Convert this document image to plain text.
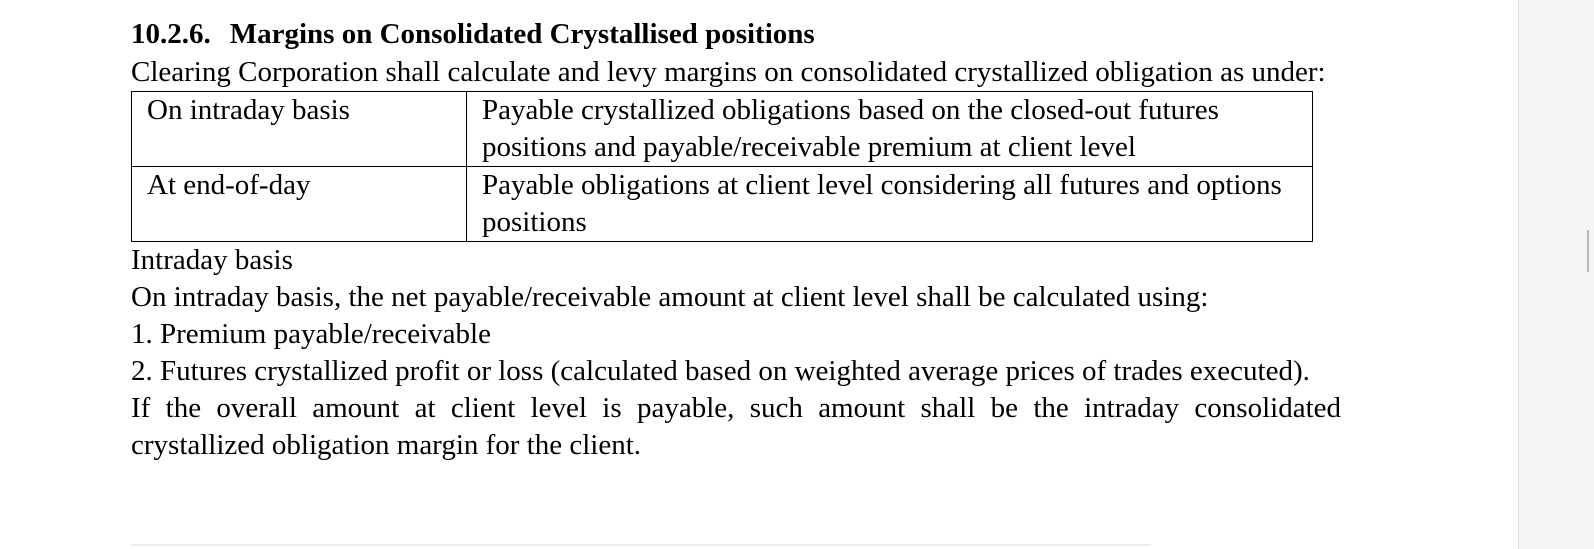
10.2.6. Margins on Consolidated Crystallised positions

Clearing Corporation shall calculate and levy margins on consolidated crystallized obligation as under:

On intraday basis	Payable crystallized obligations based on the closed-out futures positions and payable/receivable premium at client level
At end-of-day	Payable obligations at client level considering all futures and options positions

Intraday basis

On intraday basis, the net payable/receivable amount at client level shall be calculated using:

1. Premium payable/receivable

2. Futures crystallized profit or loss (calculated based on weighted average prices of trades executed).

If the overall amount at client level is payable, such amount shall be the intraday consolidated crystallized obligation margin for the client.
